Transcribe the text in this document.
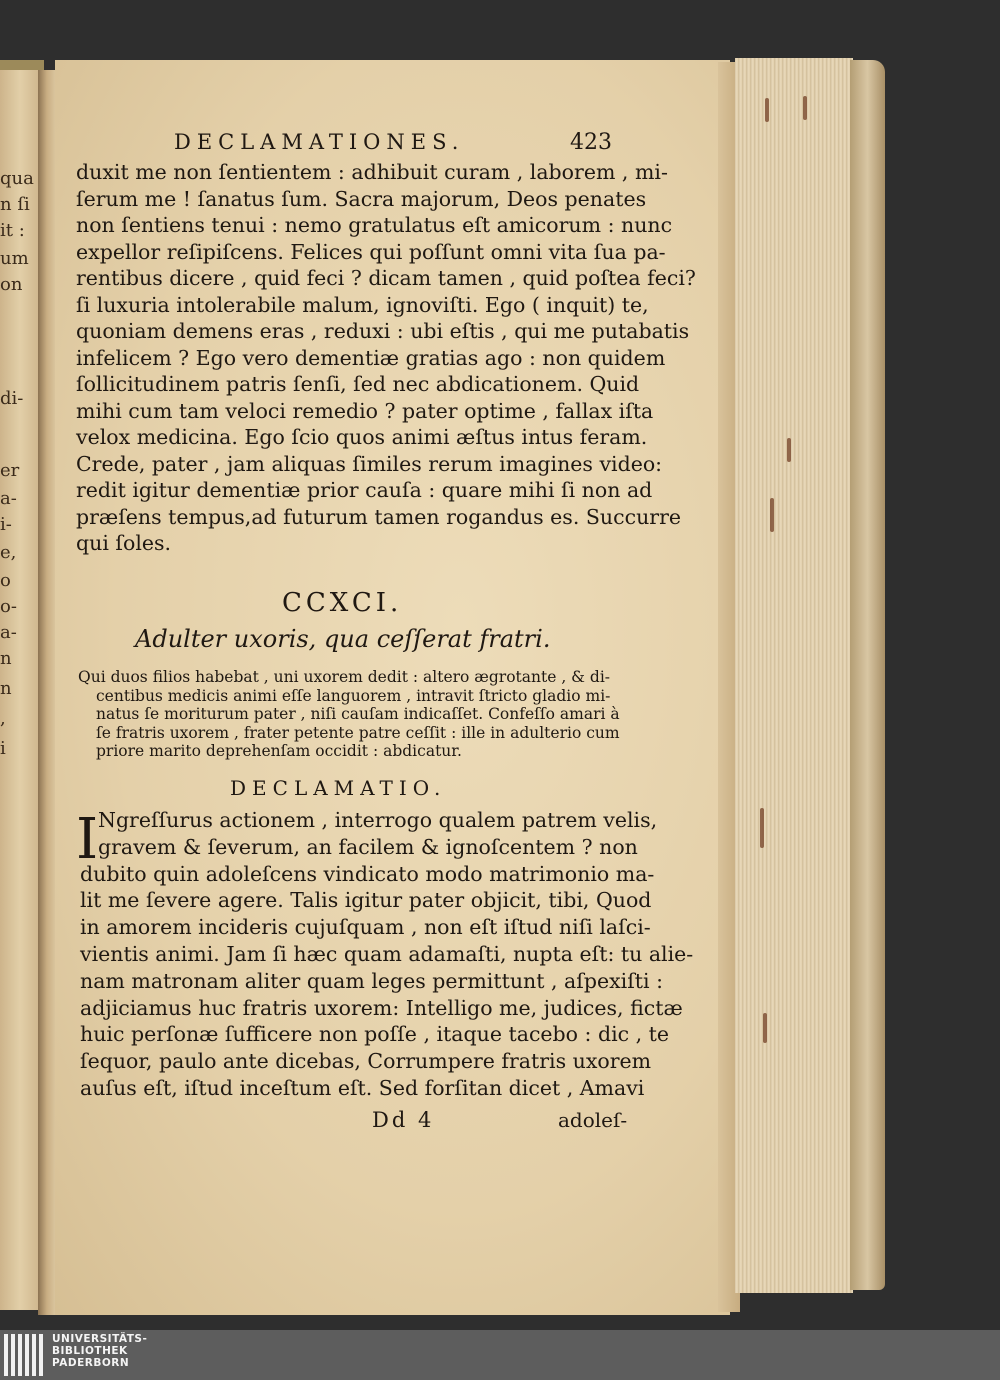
qua
n ſi
it :
um
on
di-
er
a-
i-
e,
o
o-
a-
n
n
,
i
DECLAMATIONES.	423
duxit me non ſentientem : adhibuit curam , laborem , mi-
ſerum me ! ſanatus ſum. Sacra majorum, Deos penates
non ſentiens tenui : nemo gratulatus eſt amicorum : nunc
expellor reſipiſcens. Felices qui poſſunt omni vita ſua pa-
rentibus dicere , quid feci ? dicam tamen , quid poſtea feci?
ſi luxuria intolerabile malum, ignoviſti. Ego ( inquit) te,
quoniam demens eras , reduxi : ubi eſtis , qui me putabatis
infelicem ? Ego vero dementiæ gratias ago : non quidem
ſollicitudinem patris ſenſi, ſed nec abdicationem. Quid
mihi cum tam veloci remedio ? pater optime , fallax iſta
velox medicina. Ego ſcio quos animi æſtus intus feram.
Crede, pater , jam aliquas ſimiles rerum imagines video:
redit igitur dementiæ prior cauſa : quare mihi ſi non ad
præſens tempus,ad futurum tamen rogandus es. Succurre
qui ſoles.
CCXCI.
Adulter uxoris, qua ceſſerat fratri.
Qui duos filios habebat , uni uxorem dedit : altero ægrotante , & di-
centibus medicis animi eſſe languorem , intravit ſtricto gladio mi-
natus ſe moriturum pater , niſi cauſam indicaſſet. Confeſſo amari à
ſe fratris uxorem , frater petente patre ceſſit : ille in adulterio cum
priore marito deprehenſam occidit : abdicatur.
DECLAMATIO.
I Ngreſſurus actionem , interrogo qualem patrem velis,
gravem & ſeverum, an facilem & ignoſcentem ? non
dubito quin adoleſcens vindicato modo matrimonio ma-
lit me ſevere agere. Talis igitur pater objicit, tibi, Quod
in amorem incideris cujuſquam , non eſt iſtud niſi laſci-
vientis animi. Jam ſi hæc quam adamaſti, nupta eſt: tu alie-
nam matronam aliter quam leges permittunt , aſpexiſti :
adjiciamus huc fratris uxorem: Intelligo me, judices, fictæ
huic perſonæ ſufficere non poſſe , itaque tacebo : dic , te
ſequor, paulo ante dicebas, Corrumpere fratris uxorem
auſus eſt, iſtud inceſtum eſt. Sed forſitan dicet , Amavi
Dd 4	adoleſ-
UNIVERSITÄTS-
BIBLIOTHEK
PADERBORN
